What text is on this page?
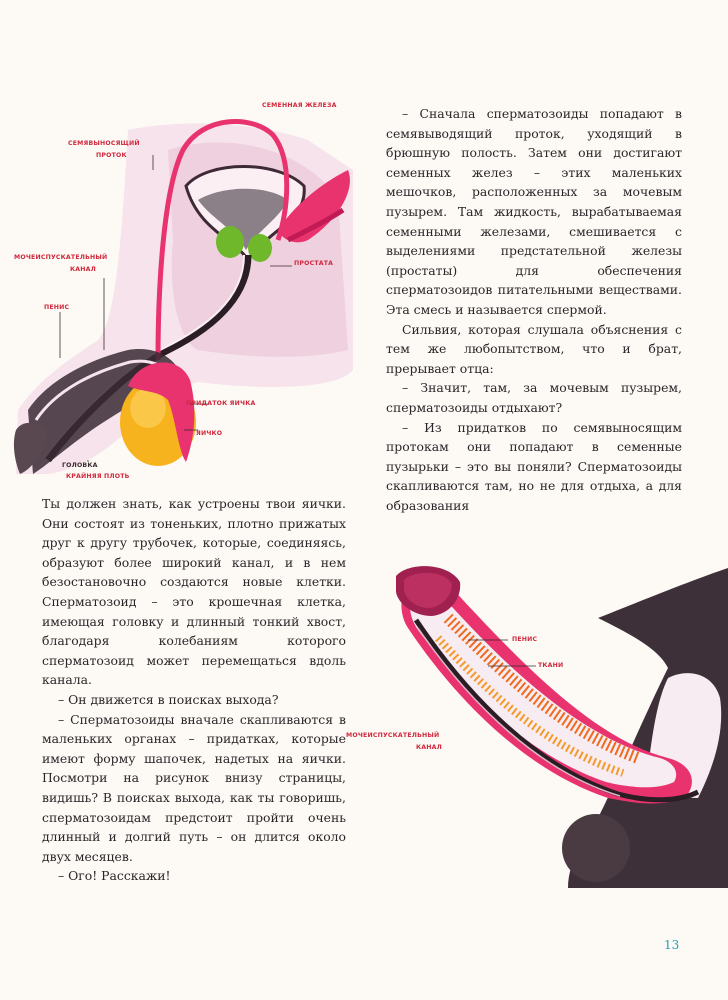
СЕМЕННАЯ ЖЕЛЕЗА
СЕМЯВЫНОСЯЩИЙ
ПРОТОК
МОЧЕИСПУСКАТЕЛЬНЫЙ
КАНАЛ
ПРОСТАТА
ПЕНИС
ПРИДАТОК ЯИЧКА
ЯИЧКО
ГОЛОВКА
КРАЙНЯЯ ПЛОТЬ

– Сначала сперматозоиды попадают в семявыводящий проток, уходящий в брюшную полость. Затем они достигают семенных желез – этих маленьких мешочков, расположенных за мочевым пузырем. Там жидкость, вырабатываемая семенными железами, смешивается с выделениями предстательной железы (простаты) для обеспечения сперматозоидов питательными веществами. Эта смесь и называется спермой.

Сильвия, которая слушала объяснения с тем же любопытством, что и брат, прерывает отца:

– Значит, там, за мочевым пузырем, сперматозоиды отдыхают?

– Из придатков по семявыносящим протокам они попадают в семенные пузырьки – это вы поняли? Сперматозоиды скапливаются там, но не для отдыха, а для образования

Ты должен знать, как устроены твои яички. Они состоят из тоненьких, плотно прижатых друг к другу трубочек, которые, соединяясь, образуют более широкий канал, и в нем безостановочно создаются новые клетки. Сперматозоид – это крошечная клетка, имеющая головку и длинный тонкий хвост, благодаря колебаниям которого сперматозоид может перемещаться вдоль канала.

– Он движется в поисках выхода?

– Сперматозоиды вначале скапливаются в маленьких органах – придатках, которые имеют форму шапочек, надетых на яички. Посмотри на рисунок внизу страницы, видишь? В поисках выхода, как ты говоришь, сперматозоидам предстоит пройти очень длинный и долгий путь – он длится около двух месяцев.

– Ого! Расскажи!

ПЕНИС
ТКАНИ
МОЧЕИСПУСКАТЕЛЬНЫЙ
КАНАЛ
13
